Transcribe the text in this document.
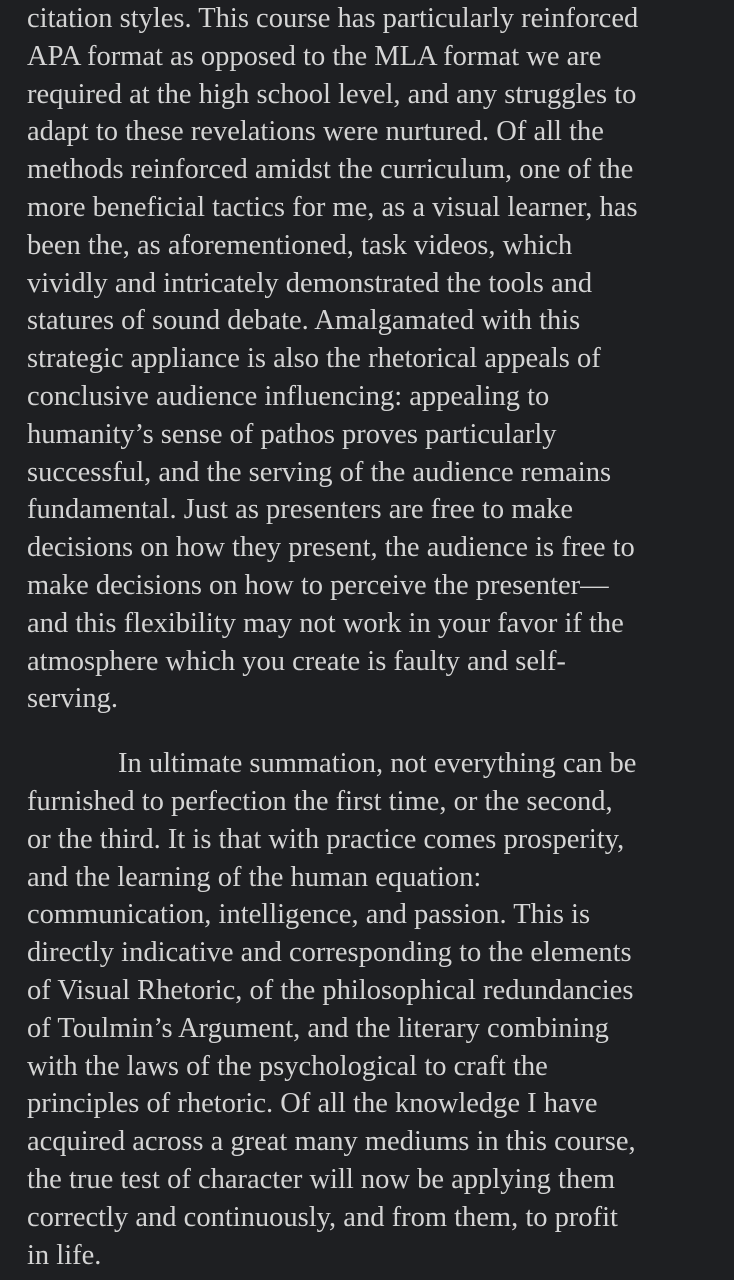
citation styles. This course has particularly reinforced
APA format as opposed to the MLA format we are
required at the high school level, and any struggles to
adapt to these revelations were nurtured. Of all the
methods reinforced amidst the curriculum, one of the
more beneficial tactics for me, as a visual learner, has
been the, as aforementioned, task videos, which
vividly and intricately demonstrated the tools and
statures of sound debate. Amalgamated with this
strategic appliance is also the rhetorical appeals of
conclusive audience influencing: appealing to
humanity’s sense of pathos proves particularly
successful, and the serving of the audience remains
fundamental. Just as presenters are free to make
decisions on how they present, the audience is free to
make decisions on how to perceive the presenter—
and this flexibility may not work in your favor if the
atmosphere which you create is faulty and self-
serving.

In ultimate summation, not everything can be
furnished to perfection the first time, or the second,
or the third. It is that with practice comes prosperity,
and the learning of the human equation:
communication, intelligence, and passion. This is
directly indicative and corresponding to the elements
of Visual Rhetoric, of the philosophical redundancies
of Toulmin’s Argument, and the literary combining
with the laws of the psychological to craft the
principles of rhetoric. Of all the knowledge I have
acquired across a great many mediums in this course,
the true test of character will now be applying them
correctly and continuously, and from them, to profit
in life.
